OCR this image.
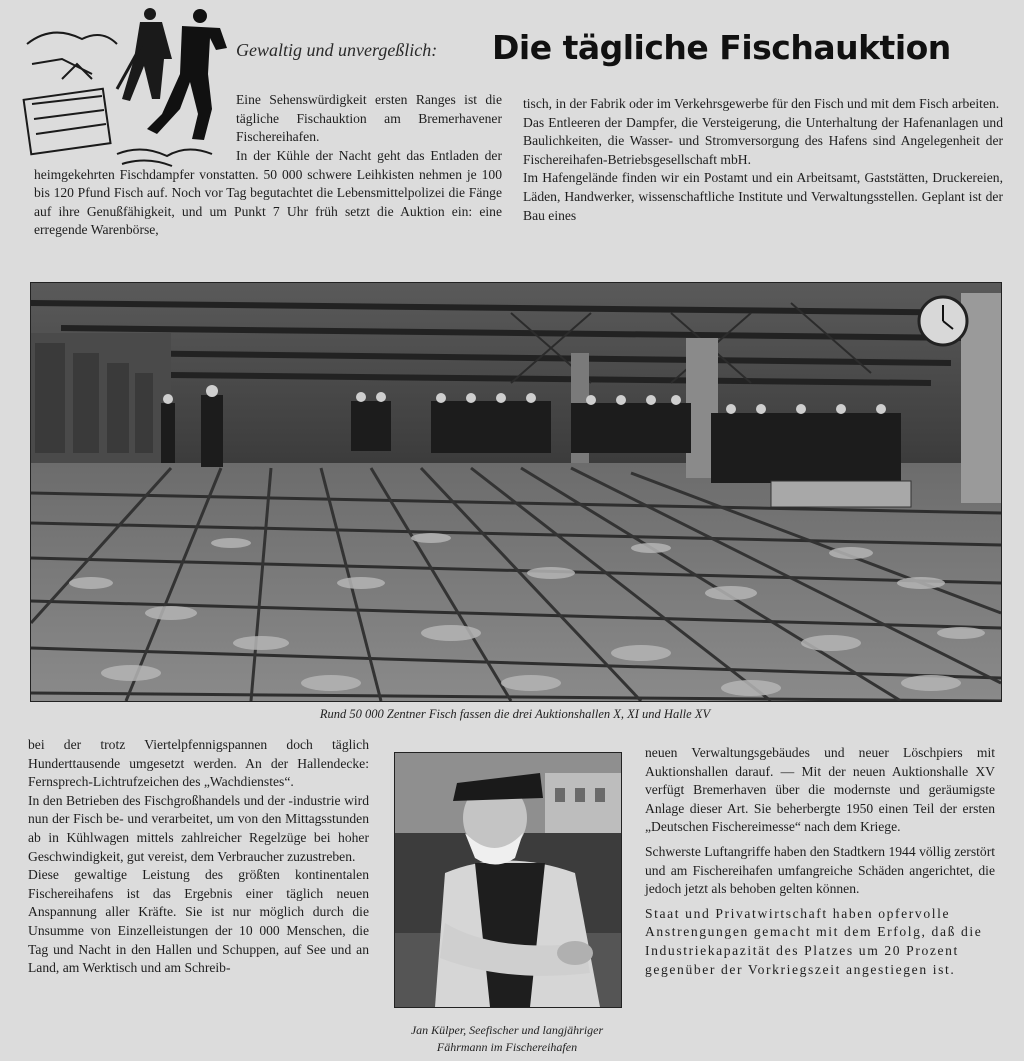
Gewaltig und unvergeßlich: Die tägliche Fischauktion

Eine Sehenswürdigkeit ersten Ranges ist die tägliche Fischauktion am Bremerhavener Fischereihafen.

In der Kühle der Nacht geht das Entladen der heimgekehrten Fischdampfer vonstatten. 50 000 schwere Leihkisten nehmen je 100 bis 120 Pfund Fisch auf. Noch vor Tag begutachtet die Lebensmittelpolizei die Fänge auf ihre Genußfähigkeit, und um Punkt 7 Uhr früh setzt die Auktion ein: eine erregende Warenbörse,

tisch, in der Fabrik oder im Verkehrsgewerbe für den Fisch und mit dem Fisch arbeiten.

Das Entleeren der Dampfer, die Versteigerung, die Unterhaltung der Hafenanlagen und Baulichkeiten, die Wasser- und Stromversorgung des Hafens sind Angelegenheit der Fischereihafen-Betriebsgesellschaft mbH.

Im Hafengelände finden wir ein Postamt und ein Arbeitsamt, Gaststätten, Druckereien, Läden, Handwerker, wissenschaftliche Institute und Verwaltungsstellen. Geplant ist der Bau eines

Rund 50 000 Zentner Fisch fassen die drei Auktionshallen X, XI und Halle XV

bei der trotz Viertelpfennigspannen doch täglich Hunderttausende umgesetzt werden. An der Hallendecke: Fernsprech-Lichtrufzeichen des „Wachdienstes“.

In den Betrieben des Fischgroßhandels und der -industrie wird nun der Fisch be- und verarbeitet, um von den Mittagsstunden ab in Kühlwagen mittels zahlreicher Regelzüge bei hoher Geschwindigkeit, gut vereist, dem Verbraucher zuzustreben.

Diese gewaltige Leistung des größten kontinentalen Fischereihafens ist das Ergebnis einer täglich neuen Anspannung aller Kräfte. Sie ist nur möglich durch die Unsumme von Einzelleistungen der 10 000 Menschen, die Tag und Nacht in den Hallen und Schuppen, auf See und an Land, am Werktisch und am Schreib-

Jan Külper, Seefischer und langjähriger
Fährmann im Fischereihafen

neuen Verwaltungsgebäudes und neuer Löschpiers mit Auktionshallen darauf. — Mit der neuen Auktionshalle XV verfügt Bremerhaven über die modernste und geräumigste Anlage dieser Art. Sie beherbergte 1950 einen Teil der ersten „Deutschen Fischereimesse“ nach dem Kriege.

Schwerste Luftangriffe haben den Stadtkern 1944 völlig zerstört und am Fischereihafen umfangreiche Schäden angerichtet, die jedoch jetzt als behoben gelten können.

Staat und Privatwirtschaft haben opfervolle Anstrengungen gemacht mit dem Erfolg, daß die Industriekapazität des Platzes um 20 Prozent gegenüber der Vorkriegszeit angestiegen ist.
